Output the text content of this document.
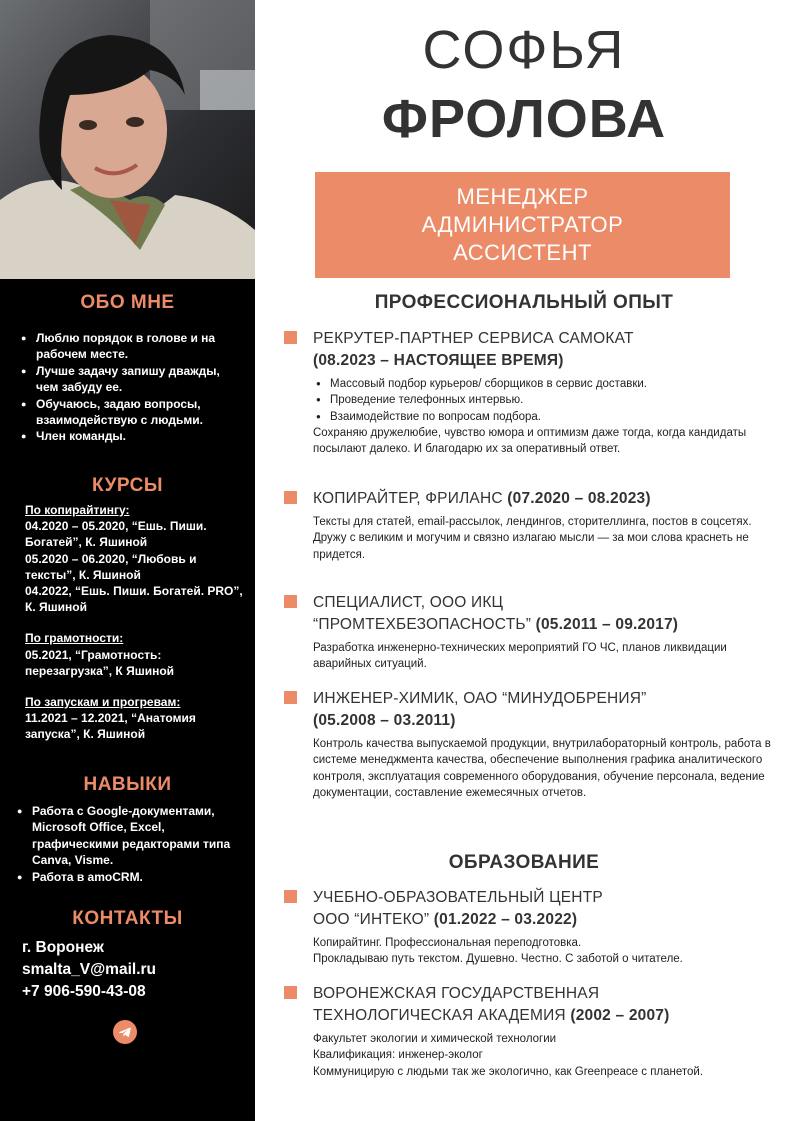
ОБО МНЕ
● Люблю порядок в голове и на рабочем месте.
● Лучше задачу запишу дважды, чем забуду ее.
● Обучаюсь, задаю вопросы, взаимодействую с людьми.
● Член команды.
КУРСЫ
По копирайтингу:
04.2020 – 05.2020, “Ешь. Пиши. Богатей”, К. Яшиной
05.2020 – 06.2020, “Любовь и тексты”, К. Яшиной
04.2022, “Ешь. Пиши. Богатей. PRO”, К. Яшиной
По грамотности:
05.2021, “Грамотность: перезагрузка”, К Яшиной
По запускам и прогревам:
11.2021 – 12.2021, “Анатомия запуска”, К. Яшиной
НАВЫКИ
● Работа с Google-документами, Microsoft Office, Excel, графическими редакторами типа Canva, Visme.
● Работа в amoCRM.
КОНТАКТЫ
г. Воронеж
smalta_V@mail.ru
+7 906-590-43-08
СОФЬЯ
ФРОЛОВА
МЕНЕДЖЕР
АДМИНИСТРАТОР
АССИСТЕНТ
ПРОФЕССИОНАЛЬНЫЙ ОПЫТ
РЕКРУТЕР-ПАРТНЕР СЕРВИСА САМОКАТ
(08.2023 – НАСТОЯЩЕЕ ВРЕМЯ)
● Массовый подбор курьеров/ сборщиков в сервис доставки.
● Проведение телефонных интервью.
● Взаимодействие по вопросам подбора.
Сохраняю дружелюбие, чувство юмора и оптимизм даже тогда, когда кандидаты посылают далеко. И благодарю их за оперативный ответ.
КОПИРАЙТЕР, ФРИЛАНС (07.2020 – 08.2023)
Тексты для статей, email-рассылок, лендингов, сторителлинга, постов в соцсетях.
Дружу с великим и могучим и связно излагаю мысли — за мои слова краснеть не придется.
СПЕЦИАЛИСТ, ООО ИКЦ
“ПРОМТЕХБЕЗОПАСНОСТЬ” (05.2011 – 09.2017)
Разработка инженерно-технических мероприятий ГО ЧС, планов ликвидации аварийных ситуаций.
ИНЖЕНЕР-ХИМИК, ОАО “МИНУДОБРЕНИЯ”
(05.2008 – 03.2011)
Контроль качества выпускаемой продукции, внутрилабораторный контроль, работа в системе менеджмента качества, обеспечение выполнения графика аналитического контроля, эксплуатация современного оборудования, обучение персонала, ведение документации, составление ежемесячных отчетов.
ОБРАЗОВАНИЕ
УЧЕБНО-ОБРАЗОВАТЕЛЬНЫЙ ЦЕНТР
ООО “ИНТЕКО” (01.2022 – 03.2022)
Копирайтинг. Профессиональная переподготовка.
Прокладываю путь текстом. Душевно. Честно. С заботой о читателе.
ВОРОНЕЖСКАЯ ГОСУДАРСТВЕННАЯ
ТЕХНОЛОГИЧЕСКАЯ АКАДЕМИЯ (2002 – 2007)
Факультет экологии и химической технологии
Квалификация: инженер-эколог
Коммуницирую с людьми так же экологично, как Greenpeace с планетой.
